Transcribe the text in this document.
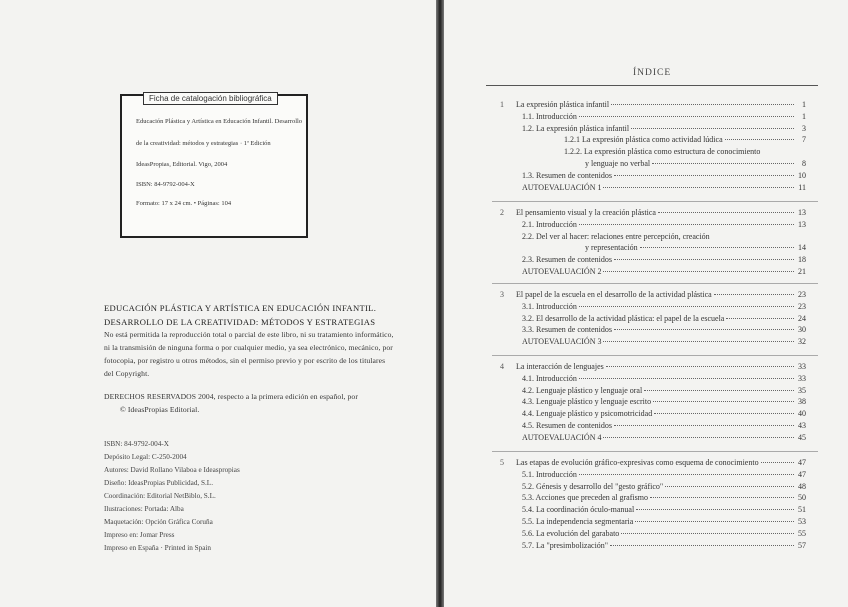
Ficha de catalogación bibliográfica
Educación Plástica y Artística en Educación Infantil. Desarrollo
de la creatividad: métodos y estrategias · 1ª Edición
IdeasPropias, Editorial. Vigo, 2004
ISBN: 84-9792-004-X
Formato: 17 x 24 cm. • Páginas: 104
EDUCACIÓN PLÁSTICA Y ARTÍSTICA EN EDUCACIÓN INFANTIL.
DESARROLLO DE LA CREATIVIDAD: MÉTODOS Y ESTRATEGIAS
No está permitida la reproducción total o parcial de este libro, ni su tratamiento informático,
ni la transmisión de ninguna forma o por cualquier medio, ya sea electrónico, mecánico, por
fotocopia, por registro u otros métodos, sin el permiso previo y por escrito de los titulares
del Copyright.
DERECHOS RESERVADOS 2004, respecto a la primera edición en español, por
© IdeasPropias Editorial.
ISBN: 84-9792-004-X
Depósito Legal: C-250-2004
Autores: David Rollano Vilaboa e Ideaspropias
Diseño: IdeasPropias Publicidad, S.L.
Coordinación: Editorial NetBiblo, S.L.
Ilustraciones: Portada: Alba
Maquetación: Opción Gráfica Coruña
Impreso en: Jomar Press
Impreso en España · Printed in Spain
ÍNDICE
1 La expresión plástica infantil	1
1.1. Introducción	1
1.2. La expresión plástica infantil	3
1.2.1 La expresión plástica como actividad lúdica	7
1.2.2. La expresión plástica como estructura de conocimiento
y lenguaje no verbal	8
1.3. Resumen de contenidos	10
AUTOEVALUACIÓN 1	11
2 El pensamiento visual y la creación plástica	13
2.1. Introducción	13
2.2. Del ver al hacer: relaciones entre percepción, creación
y representación	14
2.3. Resumen de contenidos	18
AUTOEVALUACIÓN 2	21
3 El papel de la escuela en el desarrollo de la actividad plástica	23
3.1. Introducción	23
3.2. El desarrollo de la actividad plástica: el papel de la escuela	24
3.3. Resumen de contenidos	30
AUTOEVALUACIÓN 3	32
4 La interacción de lenguajes	33
4.1. Introducción	33
4.2. Lenguaje plástico y lenguaje oral	35
4.3. Lenguaje plástico y lenguaje escrito	38
4.4. Lenguaje plástico y psicomotricidad	40
4.5. Resumen de contenidos	43
AUTOEVALUACIÓN 4	45
5 Las etapas de evolución gráfico-expresivas como esquema de conocimiento	47
5.1. Introducción	47
5.2. Génesis y desarrollo del "gesto gráfico"	48
5.3. Acciones que preceden al grafismo	50
5.4. La coordinación óculo-manual	51
5.5. La independencia segmentaria	53
5.6. La evolución del garabato	55
5.7. La "presimbolización"	57
